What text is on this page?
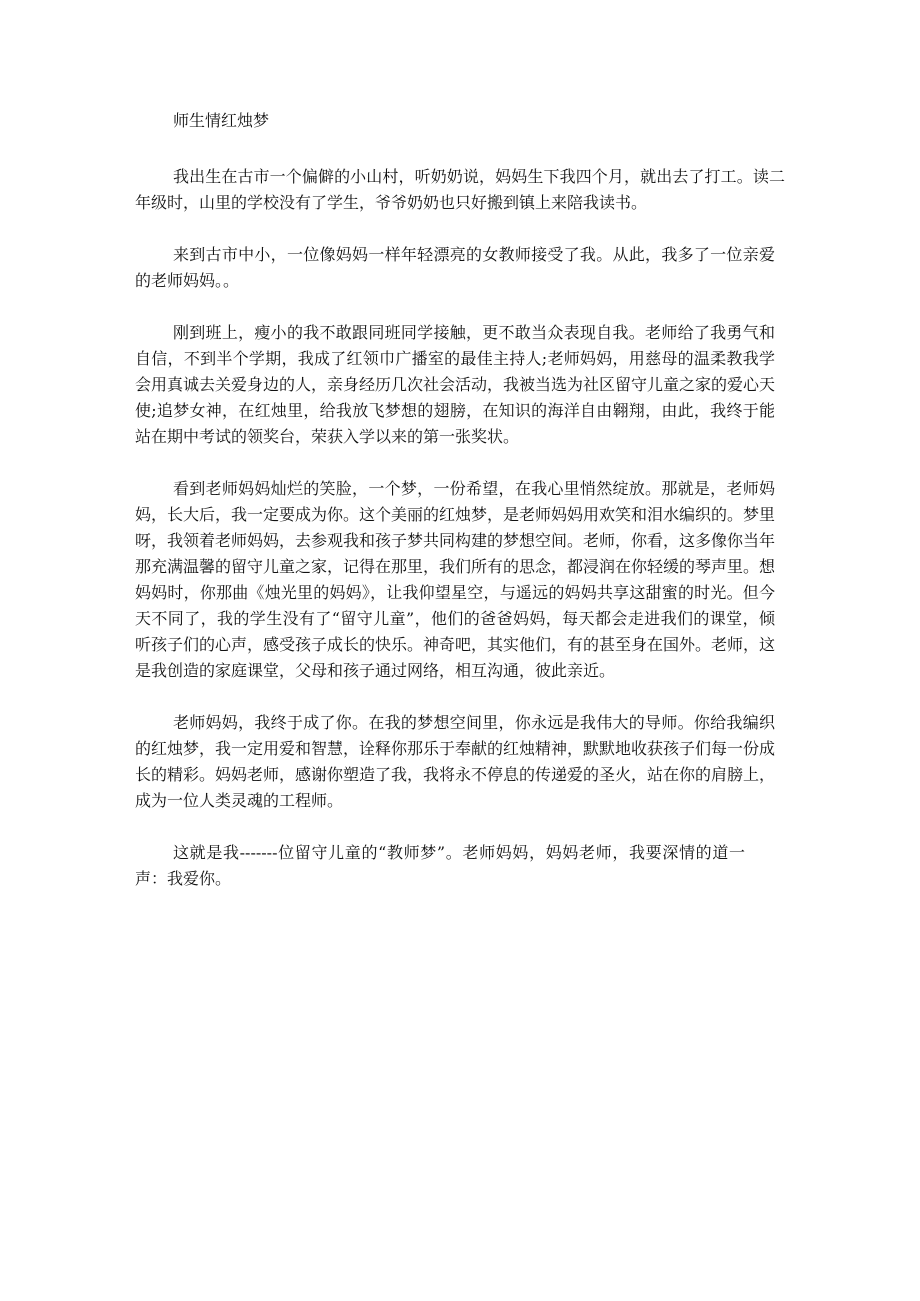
师生情红烛梦

我出生在古市一个偏僻的小山村，听奶奶说，妈妈生下我四个月，就出去了打工。读二年级时，山里的学校没有了学生，爷爷奶奶也只好搬到镇上来陪我读书。

来到古市中小，一位像妈妈一样年轻漂亮的女教师接受了我。从此，我多了一位亲爱的老师妈妈。。

刚到班上，瘦小的我不敢跟同班同学接触，更不敢当众表现自我。老师给了我勇气和自信，不到半个学期，我成了红领巾广播室的最佳主持人;老师妈妈，用慈母的温柔教我学会用真诚去关爱身边的人，亲身经历几次社会活动，我被当选为社区留守儿童之家的爱心天使;追梦女神，在红烛里，给我放飞梦想的翅膀，在知识的海洋自由翱翔，由此，我终于能站在期中考试的领奖台，荣获入学以来的第一张奖状。

看到老师妈妈灿烂的笑脸，一个梦，一份希望，在我心里悄然绽放。那就是，老师妈妈，长大后，我一定要成为你。这个美丽的红烛梦，是老师妈妈用欢笑和泪水编织的。梦里呀，我领着老师妈妈，去参观我和孩子梦共同构建的梦想空间。老师，你看，这多像你当年那充满温馨的留守儿童之家，记得在那里，我们所有的思念，都浸润在你轻缓的琴声里。想妈妈时，你那曲《烛光里的妈妈》，让我仰望星空，与遥远的妈妈共享这甜蜜的时光。但今天不同了，我的学生没有了“留守儿童”，他们的爸爸妈妈，每天都会走进我们的课堂，倾听孩子们的心声，感受孩子成长的快乐。神奇吧，其实他们，有的甚至身在国外。老师，这是我创造的家庭课堂，父母和孩子通过网络，相互沟通，彼此亲近。

老师妈妈，我终于成了你。在我的梦想空间里，你永远是我伟大的导师。你给我编织的红烛梦，我一定用爱和智慧，诠释你那乐于奉献的红烛精神，默默地收获孩子们每一份成长的精彩。妈妈老师，感谢你塑造了我，我将永不停息的传递爱的圣火，站在你的肩膀上，成为一位人类灵魂的工程师。

这就是我-------位留守儿童的“教师梦”。老师妈妈，妈妈老师，我要深情的道一声：我爱你。
